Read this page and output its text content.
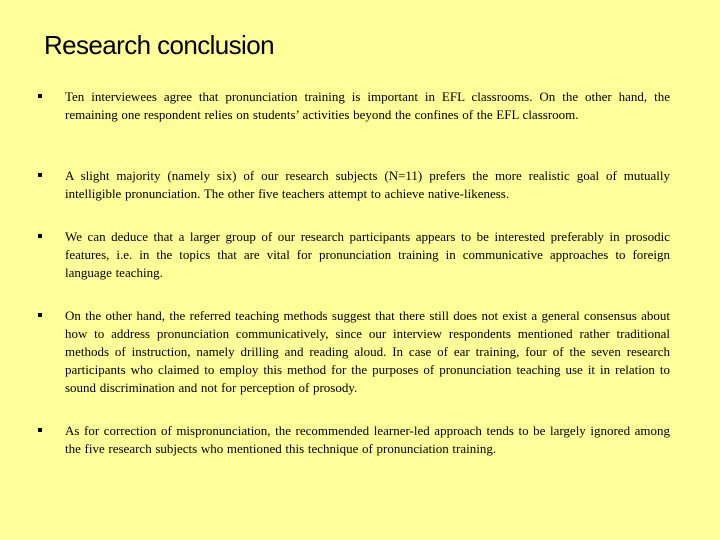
Research conclusion

Ten interviewees agree that pronunciation training is important in EFL classrooms. On the other hand, the remaining one respondent relies on students’ activities beyond the confines of the EFL classroom.

A slight majority (namely six) of our research subjects (N=11) prefers the more realistic goal of mutually intelligible pronunciation. The other five teachers attempt to achieve native-likeness.

We can deduce that a larger group of our research participants appears to be interested preferably in prosodic features, i.e. in the topics that are vital for pronunciation training in communicative approaches to foreign language teaching.

On the other hand, the referred teaching methods suggest that there still does not exist a general consensus about how to address pronunciation communicatively, since our interview respondents mentioned rather traditional methods of instruction, namely drilling and reading aloud. In case of ear training, four of the seven research participants who claimed to employ this method for the purposes of pronunciation teaching use it in relation to sound discrimination and not for perception of prosody.

As for correction of mispronunciation, the recommended learner-led approach tends to be largely ignored among the five research subjects who mentioned this technique of pronunciation training.
